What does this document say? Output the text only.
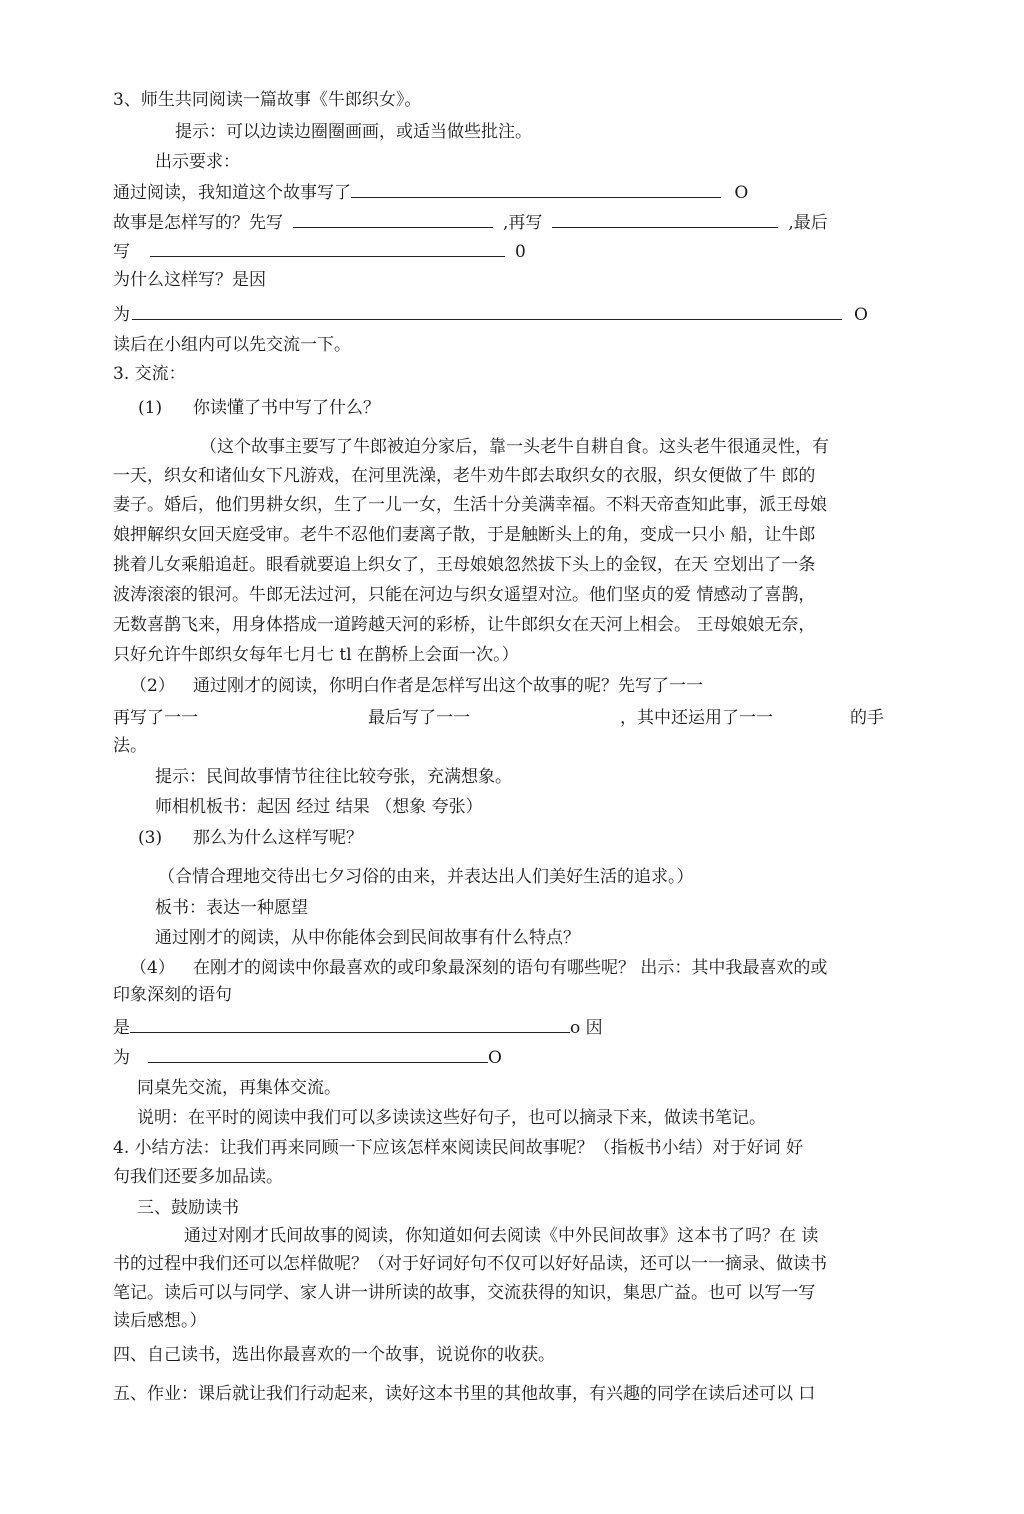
3、师生共同阅读一篇故事《牛郎织女》。
提示：可以边读边圈圈画画，或适当做些批注。
出示要求：
通过阅读，我知道这个故事写了	O
故事是怎样写的？先写	,再写	,最后
写	0
为什么这样写？是因
为	O
读后在小组内可以先交流一下。
3. 交流：
(1) 你读懂了书中写了什么？
（这个故事主要写了牛郎被迫分家后，靠一头老牛自耕自食。这头老牛很通灵性，有
一天，织女和诸仙女下凡游戏，在河里洗澡，老牛劝牛郎去取织女的衣服，织女便做了牛 郎的
妻子。婚后，他们男耕女织，生了一儿一女，生活十分美满幸福。不料天帝查知此事，派王母娘
娘押解织女回天庭受审。老牛不忍他们妻离子散，于是触断头上的角，变成一只小 船，让牛郎
挑着儿女乘船追赶。眼看就要追上织女了，王母娘娘忽然拔下头上的金钗，在天 空划出了一条
波涛滚滚的银河。牛郎无法过河，只能在河边与织女遥望对泣。他们坚贞的爱 情感动了喜鹊，
无数喜鹊飞来，用身体搭成一道跨越天河的彩桥，让牛郎织女在天河上相会。 王母娘娘无奈，
只好允许牛郎织女每年七月七 tl 在鹊桥上会面一次。）
（2） 通过刚才的阅读，你明白作者是怎样写出这个故事的呢？先写了一一
再写了一一	最后写了一一	，其中还运用了一一	的手
法。
提示：民间故事情节往往比较夸张，充满想象。
师相机板书：起因 经过 结果 （想象 夸张）
(3) 那么为什么这样写呢？
（合情合理地交待出七夕习俗的由来，并表达出人们美好生活的追求。）
板书：表达一种愿望
通过刚才的阅读，从中你能体会到民间故事有什么特点？
（4） 在刚才的阅读中你最喜欢的或印象最深刻的语句有哪些呢？ 出示：其中我最喜欢的或
印象深刻的语句
是	o 因
为	O
同桌先交流，再集体交流。
说明：在平时的阅读中我们可以多读读这些好句子，也可以摘录下来，做读书笔记。
4. 小结方法：让我们再来同顾一下应该怎样來阅读民间故事呢？（指板书小结）对于好词 好
句我们还要多加品读。
三、鼓励读书
通过对刚才氏间故事的阅读，你知道如何去阅读《中外民间故事》这本书了吗？在 读
书的过程中我们还可以怎样做呢？（对于好词好句不仅可以好好品读，还可以一一摘录、做读书
笔记。读后可以与同学、家人讲一讲所读的故事，交流获得的知识，集思广益。也可 以写一写
读后感想。）
四、自己读书，选出你最喜欢的一个故事，说说你的收获。
五、作业：课后就让我们行动起来，读好这本书里的其他故事，有兴趣的同学在读后述可以 口
